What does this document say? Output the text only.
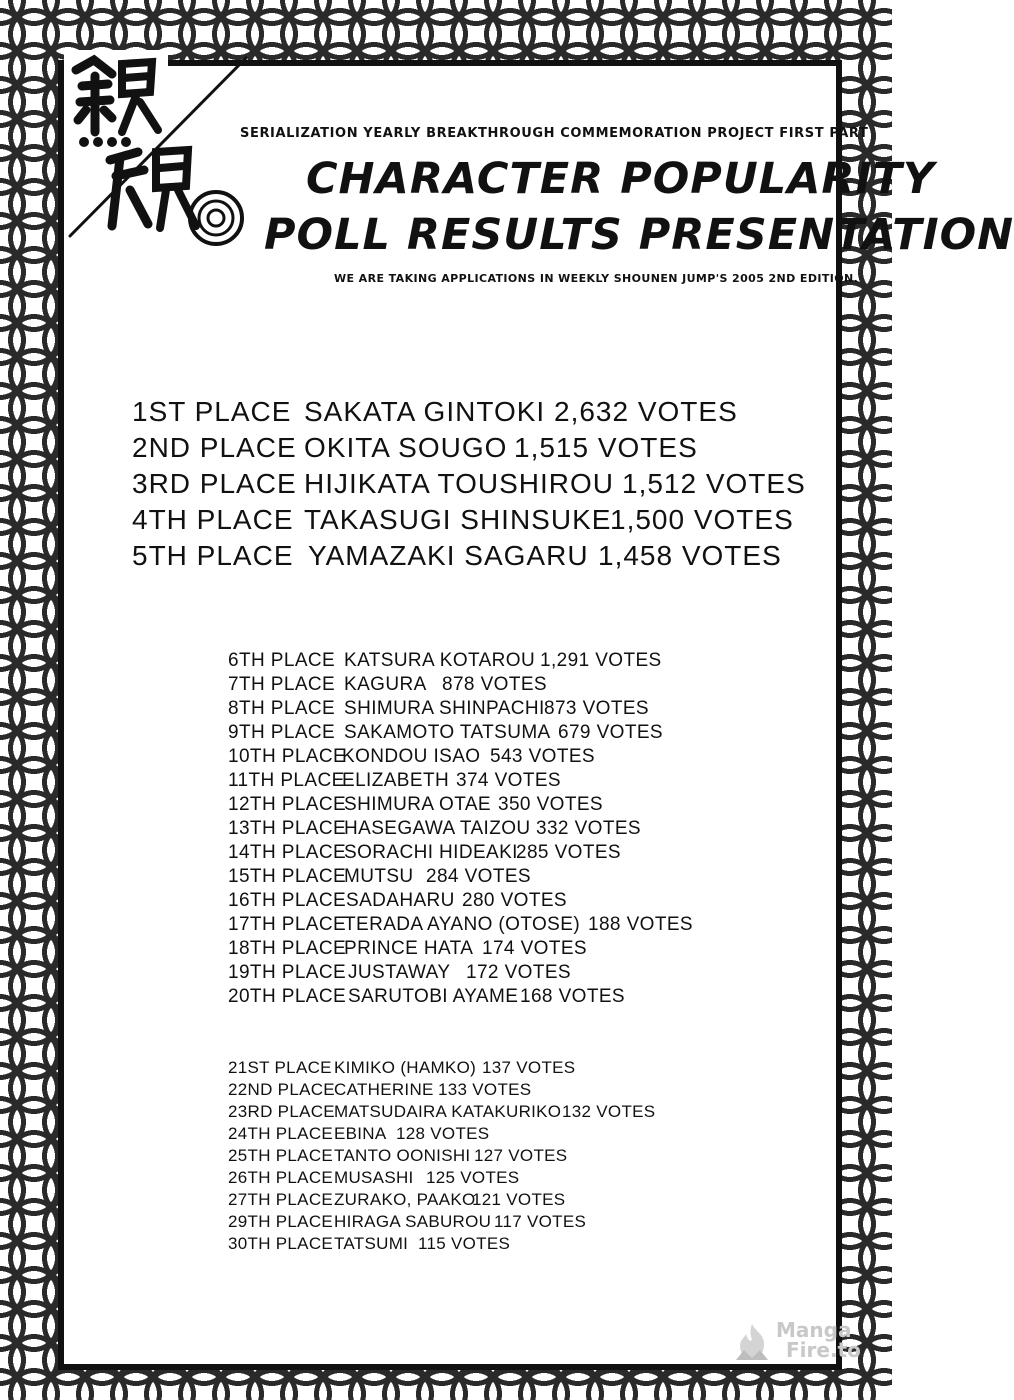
SERIALIZATION YEARLY BREAKTHROUGH COMMEMORATION PROJECT FIRST PART

CHARACTER POPULARITY
POLL RESULTS PRESENTATION

WE ARE TAKING APPLICATIONS IN WEEKLY SHOUNEN JUMP'S 2005 2ND EDITION.

1ST PLACE SAKATA GINTOKI 2,632 VOTES
2ND PLACE OKITA SOUGO 1,515 VOTES
3RD PLACE HIJIKATA TOUSHIROU 1,512 VOTES
4TH PLACE TAKASUGI SHINSUKE1,500 VOTES
5TH PLACE YAMAZAKI SAGARU 1,458 VOTES
6TH PLACE KATSURA KOTAROU 1,291 VOTES
7TH PLACE KAGURA 878 VOTES
8TH PLACE SHIMURA SHINPACHI873 VOTES
9TH PLACE SAKAMOTO TATSUMA 679 VOTES
10TH PLACEKONDOU ISAO 543 VOTES
11TH PLACEELIZABETH 374 VOTES
12TH PLACESHIMURA OTAE 350 VOTES
13TH PLACEHASEGAWA TAIZOU 332 VOTES
14TH PLACESORACHI HIDEAKI285 VOTES
15TH PLACEMUTSU 284 VOTES
16TH PLACESADAHARU 280 VOTES
17TH PLACETERADA AYANO (OTOSE) 188 VOTES
18TH PLACEPRINCE HATA 174 VOTES
19TH PLACE JUSTAWAY 172 VOTES
20TH PLACE SARUTOBI AYAME168 VOTES
21ST PLACE KIMIKO (HAMKO) 137 VOTES
22ND PLACECATHERINE 133 VOTES
23RD PLACEMATSUDAIRA KATAKURIKO132 VOTES
24TH PLACEEBINA 128 VOTES
25TH PLACETANTO OONISHI 127 VOTES
26TH PLACEMUSASHI 125 VOTES
27TH PLACEZURAKO, PAAKO121 VOTES
29TH PLACEHIRAGA SABUROU 117 VOTES
30TH PLACETATSUMI 115 VOTES
Manga
Fire.to
